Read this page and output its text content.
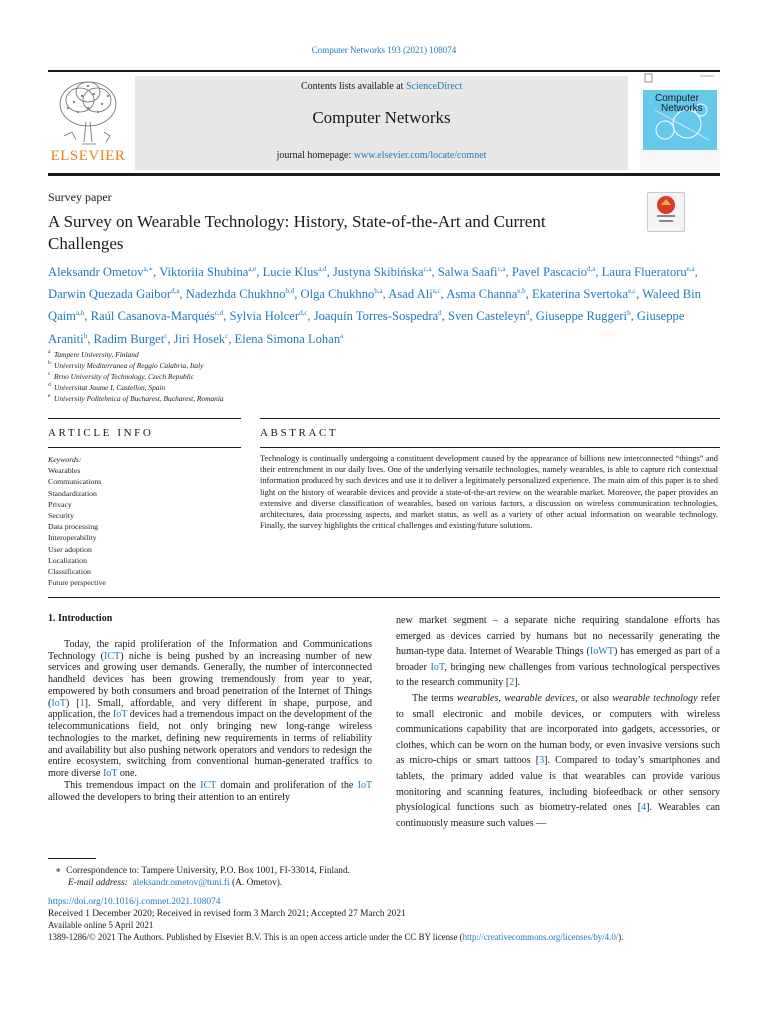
Computer Networks 193 (2021) 108074
ELSEVIER
Contents lists available at ScienceDirect
Computer Networks
journal homepage: www.elsevier.com/locate/comnet
Computer
Networks
Survey paper
A Survey on Wearable Technology: History, State-of-the-Art and Current Challenges
Aleksandr Ometov$^{a,∗}$, Viktoriia Shubina$^{a,e}$, Lucie Klus$^{a,d}$, Justyna Skibińska$^{c,a}$, Salwa Saafi$^{c,a}$, Pavel Pascacio$^{d,a}$, Laura Flueratoru$^{e,a}$, Darwin Quezada Gaibor$^{d,a}$, Nadezhda Chukhno$^{b,d}$, Olga Chukhno$^{b,a}$, Asad Ali$^{a,c}$, Asma Channa$^{e,b}$, Ekaterina Svertoka$^{e,c}$, Waleed Bin Qaim$^{a,b}$, Raúl Casanova-Marqués$^{c,d}$, Sylvia Holcer$^{d,c}$, Joaquín Torres-Sospedra$^d$, Sven Casteleyn$^d$, Giuseppe Ruggeri$^b$, Giuseppe Araniti$^b$, Radim Burget$^c$, Jiri Hosek$^c$, Elena Simona Lohan$^a$
a Tampere University, Finland
b University Mediterranea of Reggio Calabria, Italy
c Brno University of Technology, Czech Republic
d Universitat Jaume I, Castellon, Spain
e University Politehnica of Bucharest, Bucharest, Romania
ARTICLE INFO	ABSTRACT
Keywords:
Wearables
Communications
Standardization
Privacy
Security
Data processing
Interoperability
User adoption
Localization
Classification
Future perspective
Technology is continually undergoing a constituent development caused by the appearance of billions new interconnected “things” and their entrenchment in our daily lives. One of the underlying versatile technologies, namely wearables, is able to capture rich contextual information produced by such devices and use it to deliver a legitimately personalized experience. The main aim of this paper is to shed light on the history of wearable devices and provide a state-of-the-art review on the wearable market. Moreover, the paper provides an extensive and diverse classification of wearables, based on various factors, a discussion on wireless communication technologies, architectures, data processing aspects, and market status, as well as a variety of other actual information on wearable technology. Finally, the survey highlights the critical challenges and existing/future solutions.
1. Introduction

Today, the rapid proliferation of the Information and Communications Technology (ICT) niche is being pushed by an increasing number of new services and growing user demands. Generally, the number of interconnected handheld devices has been growing tremendously from year to year, empowered by both consumers and broad penetration of the Internet of Things (IoT) [1]. Small, affordable, and very different in shape, purpose, and application, the IoT devices had a tremendous impact on the development of the telecommunications field, not only bringing new long-range wireless technologies to the market, defining new requirements in terms of reliability and availability but also pushing network operators and vendors to redesign the entire ecosystem, switching from conventional human-generated traffics to more diverse IoT one.

This tremendous impact on the ICT domain and proliferation of the IoT allowed the developers to bring their attention to an entirely

new market segment – a separate niche requiring standalone efforts has emerged as devices carried by humans but no necessarily generating the human-type data. Internet of Wearable Things (IoWT) has emerged as part of a broader IoT, bringing new challenges from various technological perspectives to the research community [2].

The terms wearables, wearable devices, or also wearable technology refer to small electronic and mobile devices, or computers with wireless communications capability that are incorporated into gadgets, accessories, or clothes, which can be worn on the human body, or even invasive versions such as micro-chips or smart tattoos [3]. Compared to today’s smartphones and tablets, the primary added value is that wearables can provide various monitoring and scanning features, including biofeedback or other sensory physiological functions such as biometry-related ones [4]. Wearables can continuously measure such values —

∗ Correspondence to: Tampere University, P.O. Box 1001, FI-33014, Finland.
E-mail address: aleksandr.ometov@tuni.fi (A. Ometov).
https://doi.org/10.1016/j.comnet.2021.108074
Received 1 December 2020; Received in revised form 3 March 2021; Accepted 27 March 2021
Available online 5 April 2021
1389-1286/© 2021 The Authors. Published by Elsevier B.V. This is an open access article under the CC BY license (http://creativecommons.org/licenses/by/4.0/).
